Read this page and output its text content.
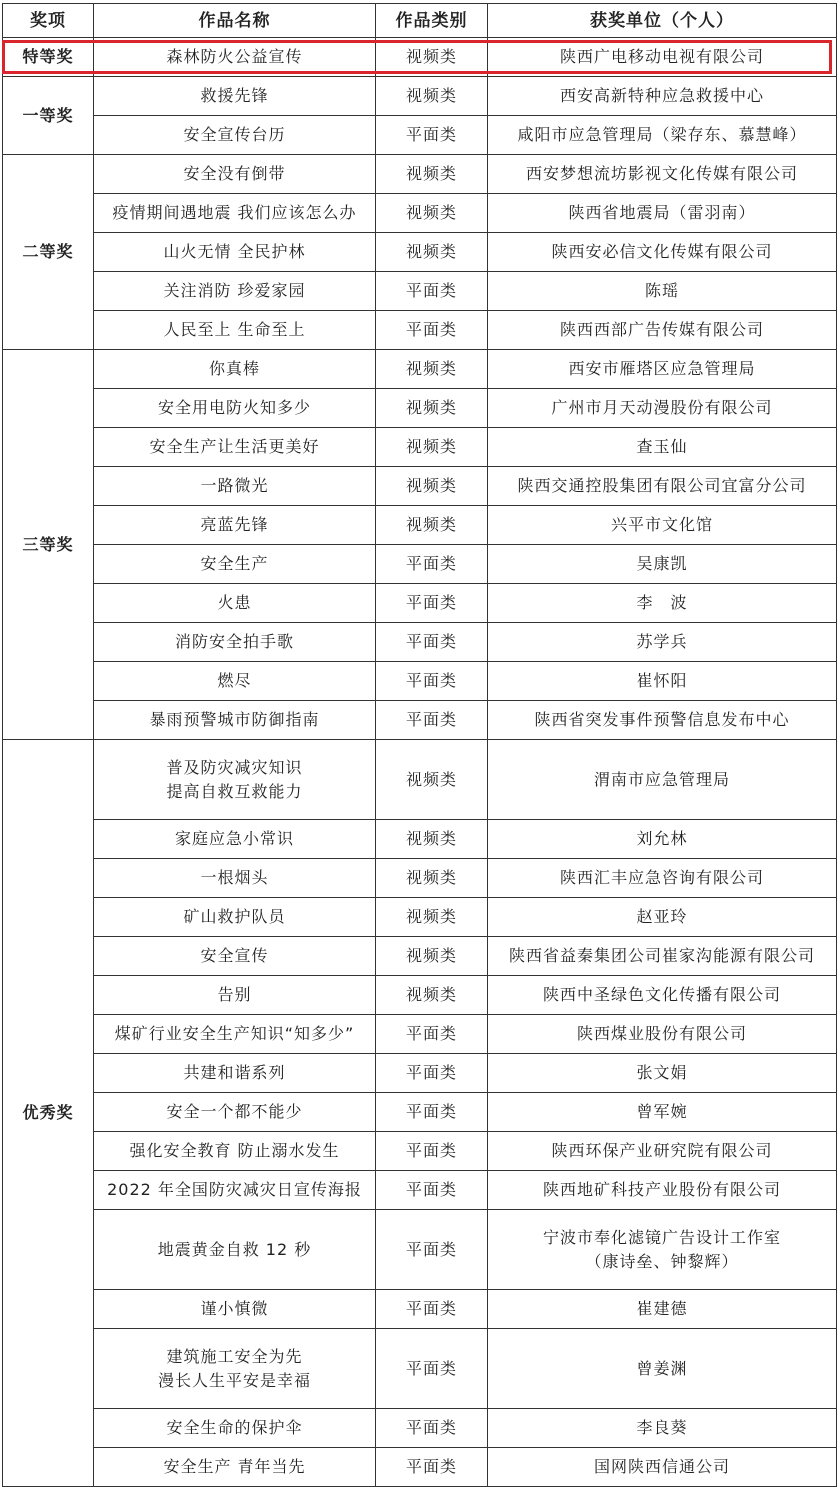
奖项	作品名称	作品类别	获奖单位（个人）
特等奖	森林防火公益宣传	视频类	陕西广电移动电视有限公司

一等奖	救援先锋	视频类	西安高新特种应急救援中心

	安全宣传台历	平面类	咸阳市应急管理局（梁存东、慕慧峰）

二等奖	安全没有倒带	视频类	西安梦想流坊影视文化传媒有限公司

	疫情期间遇地震 我们应该怎么办	视频类	陕西省地震局（雷羽南）

	山火无情 全民护林	视频类	陕西安必信文化传媒有限公司

	关注消防 珍爱家园	平面类	陈瑶

	人民至上 生命至上	平面类	陕西西部广告传媒有限公司

三等奖	你真棒	视频类	西安市雁塔区应急管理局

	安全用电防火知多少	视频类	广州市月天动漫股份有限公司

	安全生产让生活更美好	视频类	查玉仙

	一路微光	视频类	陕西交通控股集团有限公司宜富分公司

	亮蓝先锋	视频类	兴平市文化馆

	安全生产	平面类	吴康凯

	火患	平面类	李　波

	消防安全拍手歌	平面类	苏学兵

	燃尽	平面类	崔怀阳

	暴雨预警城市防御指南	平面类	陕西省突发事件预警信息发布中心

优秀奖	普及防灾减灾知识
提高自救互救能力	视频类	渭南市应急管理局

	家庭应急小常识	视频类	刘允林

	一根烟头	视频类	陕西汇丰应急咨询有限公司

	矿山救护队员	视频类	赵亚玲

	安全宣传	视频类	陕西省益秦集团公司崔家沟能源有限公司

	告别	视频类	陕西中圣绿色文化传播有限公司

	煤矿行业安全生产知识“知多少”	平面类	陕西煤业股份有限公司

	共建和谐系列	平面类	张文娟

	安全一个都不能少	平面类	曾军婉

	强化安全教育 防止溺水发生	平面类	陕西环保产业研究院有限公司

	2022 年全国防灾减灾日宣传海报	平面类	陕西地矿科技产业股份有限公司

	地震黄金自救 12 秒	平面类	宁波市奉化滤镜广告设计工作室
（康诗垒、钟黎辉）

	谨小慎微	平面类	崔建德

	建筑施工安全为先
漫长人生平安是幸福	平面类	曾姜渊

	安全生命的保护伞	平面类	李良葵

	安全生产 青年当先	平面类	国网陕西信通公司
